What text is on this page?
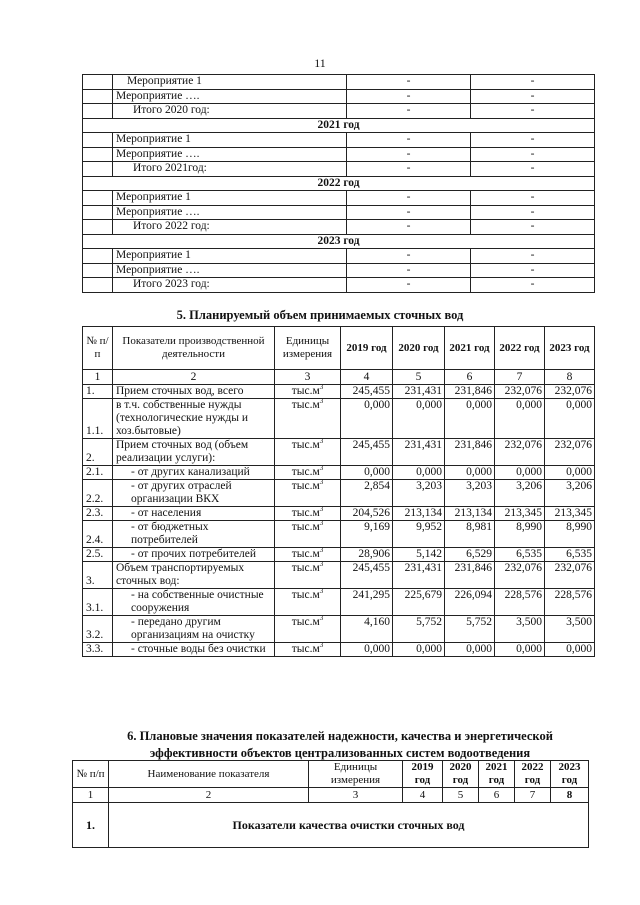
11
	Мероприятие 1	-	-
	Мероприятие ….	-	-
	Итого 2020 год:	-	-
2021 год			
	Мероприятие 1	-	-
	Мероприятие ….	-	-
	Итого 2021год:	-	-
2022 год			
	Мероприятие 1	-	-
	Мероприятие ….	-	-
	Итого 2022 год:	-	-
2023 год			
	Мероприятие 1	-	-
	Мероприятие ….	-	-
	Итого 2023 год:	-	-
5. Планируемый объем принимаемых сточных вод
№ п/п	Показатели производственной деятельности	Единицы измерения	2019 год	2020 год	2021 год	2022 год	2023 год
1	2	3	4	5	6	7	8
1.	Прием сточных вод, всего	$тыс.м^3$	245,455	231,431	231,846	232,076	232,076
1.1.	в т.ч. собственные нужды (технологические нужды и хоз.бытовые)	$тыс.м^3$	0,000	0,000	0,000	0,000	0,000
2.	Прием сточных вод (объем реализации услуги):	$тыс.м^3$	245,455	231,431	231,846	232,076	232,076
2.1.	- от других канализаций	$тыс.м^3$	0,000	0,000	0,000	0,000	0,000
2.2.	- от других отраслей организации ВКХ	$тыс.м^3$	2,854	3,203	3,203	3,206	3,206
2.3.	- от населения	$тыс.м^3$	204,526	213,134	213,134	213,345	213,345
2.4.	- от бюджетных потребителей	$тыс.м^3$	9,169	9,952	8,981	8,990	8,990
2.5.	- от прочих потребителей	$тыс.м^3$	28,906	5,142	6,529	6,535	6,535
3.	Объем транспортируемых сточных вод:	$тыс.м^3$	245,455	231,431	231,846	232,076	232,076
3.1.	- на собственные очистные сооружения	$тыс.м^3$	241,295	225,679	226,094	228,576	228,576
3.2.	- передано другим организациям на очистку	$тыс.м^3$	4,160	5,752	5,752	3,500	3,500
3.3.	- сточные воды без очистки	$тыс.м^3$	0,000	0,000	0,000	0,000	0,000
6. Плановые значения показателей надежности, качества и энергетической
эффективности объектов централизованных систем водоотведения
№ п/п	Наименование показателя	Единицы измерения	2019 год	2020 год	2021 год	2022 год	2023 год
1	2	3	4	5	6	7	8
1.	Показатели качества очистки сточных вод						
